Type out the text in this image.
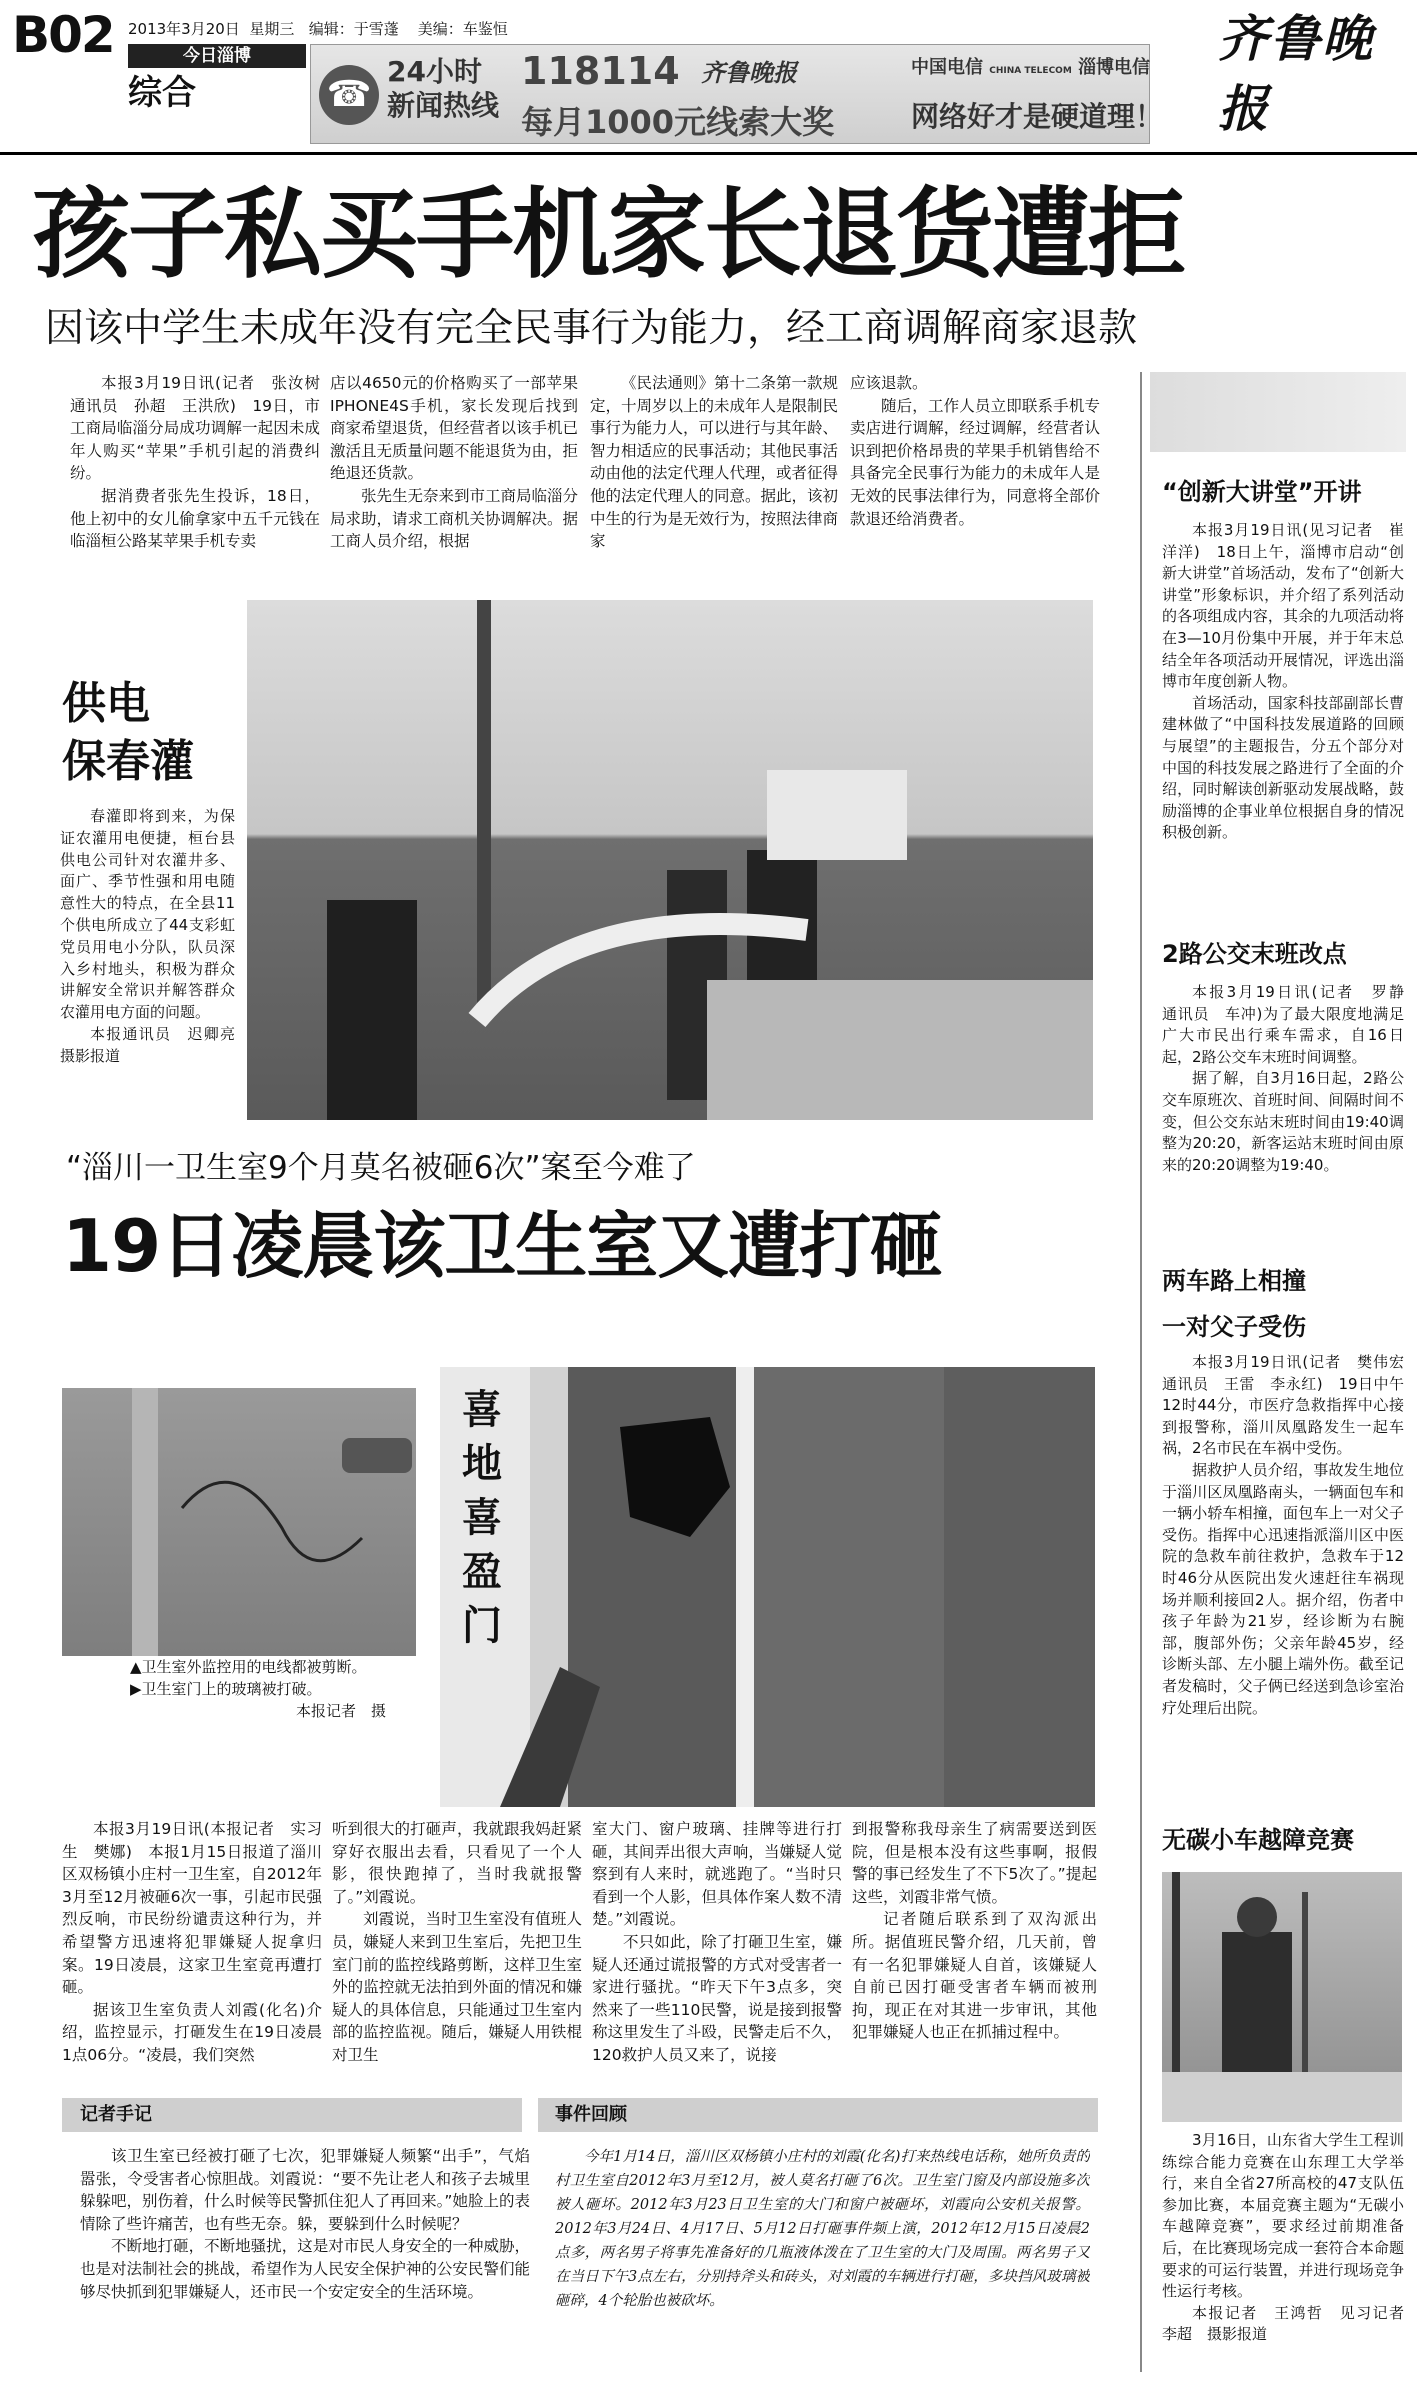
B02 2013年3月20日 星期三 编辑：于雪蓬 美编：车鉴恒
今日淄博
综合	☎
24小时
新闻热线
118114 齐鲁晚报
每月1000元线索大奖
中国电信 CHINA TELECOM 淄博电信
网络好才是硬道理！
齐鲁晚报
孩子私买手机家长退货遭拒
因该中学生未成年没有完全民事行为能力，经工商调解商家退款

本报3月19日讯(记者　张汝树　通讯员　孙超　王洪欣)　19日，市工商局临淄分局成功调解一起因未成年人购买“苹果”手机引起的消费纠纷。

据消费者张先生投诉，18日，他上初中的女儿偷拿家中五千元钱在临淄桓公路某苹果手机专卖

店以4650元的价格购买了一部苹果IPHONE4S手机，家长发现后找到商家希望退货，但经营者以该手机已激活且无质量问题不能退货为由，拒绝退还货款。

张先生无奈来到市工商局临淄分局求助，请求工商机关协调解决。据工商人员介绍，根据

《民法通则》第十二条第一款规定，十周岁以上的未成年人是限制民事行为能力人，可以进行与其年龄、智力相适应的民事活动；其他民事活动由他的法定代理人代理，或者征得他的法定代理人的同意。据此，该初中生的行为是无效行为，按照法律商家

应该退款。

随后，工作人员立即联系手机专卖店进行调解，经过调解，经营者认识到把价格昂贵的苹果手机销售给不具备完全民事行为能力的未成年人是无效的民事法律行为，同意将全部价款退还给消费者。

供电
保春灌

春灌即将到来，为保证农灌用电便捷，桓台县供电公司针对农灌井多、面广、季节性强和用电随意性大的特点，在全县11个供电所成立了44支彩虹党员用电小分队，队员深入乡村地头，积极为群众讲解安全常识并解答群众农灌用电方面的问题。

本报通讯员　迟卿亮　摄影报道

“淄川一卫生室9个月莫名被砸6次”案至今难了
19日凌晨该卫生室又遭打砸
▲卫生室外监控用的电线都被剪断。
▶卫生室门上的玻璃被打破。
本报记者　摄
喜地喜盈门

本报3月19日讯(本报记者　实习生　樊娜)　本报1月15日报道了淄川区双杨镇小庄村一卫生室，自2012年3月至12月被砸6次一事，引起市民强烈反响，市民纷纷谴责这种行为，并希望警方迅速将犯罪嫌疑人捉拿归案。19日凌晨，这家卫生室竟再遭打砸。

据该卫生室负责人刘霞(化名)介绍，监控显示，打砸发生在19日凌晨1点06分。“凌晨，我们突然

听到很大的打砸声，我就跟我妈赶紧穿好衣服出去看，只看见了一个人影，很快跑掉了，当时我就报警了。”刘霞说。

刘霞说，当时卫生室没有值班人员，嫌疑人来到卫生室后，先把卫生室门前的监控线路剪断，这样卫生室外的监控就无法拍到外面的情况和嫌疑人的具体信息，只能通过卫生室内部的监控监视。随后，嫌疑人用铁棍对卫生

室大门、窗户玻璃、挂牌等进行打砸，其间弄出很大声响，当嫌疑人觉察到有人来时，就逃跑了。“当时只看到一个人影，但具体作案人数不清楚。”刘霞说。

不只如此，除了打砸卫生室，嫌疑人还通过谎报警的方式对受害者一家进行骚扰。“昨天下午3点多，突然来了一些110民警，说是接到报警称这里发生了斗殴，民警走后不久，120救护人员又来了，说接

到报警称我母亲生了病需要送到医院，但是根本没有这些事啊，报假警的事已经发生了不下5次了。”提起这些，刘霞非常气愤。

记者随后联系到了双沟派出所。据值班民警介绍，几天前，曾有一名犯罪嫌疑人自首，该嫌疑人自前已因打砸受害者车辆而被刑拘，现正在对其进一步审讯，其他犯罪嫌疑人也正在抓捕过程中。

记者手记

该卫生室已经被打砸了七次，犯罪嫌疑人频繁“出手”，气焰嚣张，令受害者心惊胆战。刘霞说：“要不先让老人和孩子去城里躲躲吧，别伤着，什么时候等民警抓住犯人了再回来。”她脸上的表情除了些许痛苦，也有些无奈。躲，要躲到什么时候呢？

不断地打砸，不断地骚扰，这是对市民人身安全的一种威胁，也是对法制社会的挑战，希望作为人民安全保护神的公安民警们能够尽快抓到犯罪嫌疑人，还市民一个安定安全的生活环境。

事件回顾

今年1月14日，淄川区双杨镇小庄村的刘霞(化名)打来热线电话称，她所负责的村卫生室自2012年3月至12月，被人莫名打砸了6次。卫生室门窗及内部设施多次被人砸坏。2012年3月23日卫生室的大门和窗户被砸坏，刘霞向公安机关报警。2012年3月24日、4月17日、5月12日打砸事件频上演，2012年12月15日凌晨2点多，两名男子将事先准备好的几瓶液体泼在了卫生室的大门及周围。两名男子又在当日下午3点左右，分别持斧头和砖头，对刘霞的车辆进行打砸，多块挡风玻璃被砸碎，4个轮胎也被砍坏。

“创新大讲堂”开讲

本报3月19日讯(见习记者　崔洋洋)　18日上午，淄博市启动“创新大讲堂”首场活动，发布了“创新大讲堂”形象标识，并介绍了系列活动的各项组成内容，其余的九项活动将在3—10月份集中开展，并于年末总结全年各项活动开展情况，评选出淄博市年度创新人物。

首场活动，国家科技部副部长曹建林做了“中国科技发展道路的回顾与展望”的主题报告，分五个部分对中国的科技发展之路进行了全面的介绍，同时解读创新驱动发展战略，鼓励淄博的企事业单位根据自身的情况积极创新。

2路公交末班改点

本报3月19日讯(记者　罗静　通讯员　车冲)为了最大限度地满足广大市民出行乘车需求，自16日起，2路公交车末班时间调整。

据了解，自3月16日起，2路公交车原班次、首班时间、间隔时间不变，但公交东站末班时间由19:40调整为20:20，新客运站末班时间由原来的20:20调整为19:40。

两车路上相撞
一对父子受伤

本报3月19日讯(记者　樊伟宏　通讯员　王雷　李永红)　19日中午12时44分，市医疗急救指挥中心接到报警称，淄川凤凰路发生一起车祸，2名市民在车祸中受伤。

据救护人员介绍，事故发生地位于淄川区凤凰路南头，一辆面包车和一辆小轿车相撞，面包车上一对父子受伤。指挥中心迅速指派淄川区中医院的急救车前往救护，急救车于12时46分从医院出发火速赶往车祸现场并顺利接回2人。据介绍，伤者中孩子年龄为21岁，经诊断为右腕部，腹部外伤；父亲年龄45岁，经诊断头部、左小腿上端外伤。截至记者发稿时，父子俩已经送到急诊室治疗处理后出院。

无碳小车越障竞赛

3月16日，山东省大学生工程训练综合能力竞赛在山东理工大学举行，来自全省27所高校的47支队伍参加比赛，本届竞赛主题为“无碳小车越障竞赛”，要求经过前期准备后，在比赛现场完成一套符合本命题要求的可运行装置，并进行现场竞争性运行考核。

本报记者　王鸿哲　见习记者　李超　摄影报道
